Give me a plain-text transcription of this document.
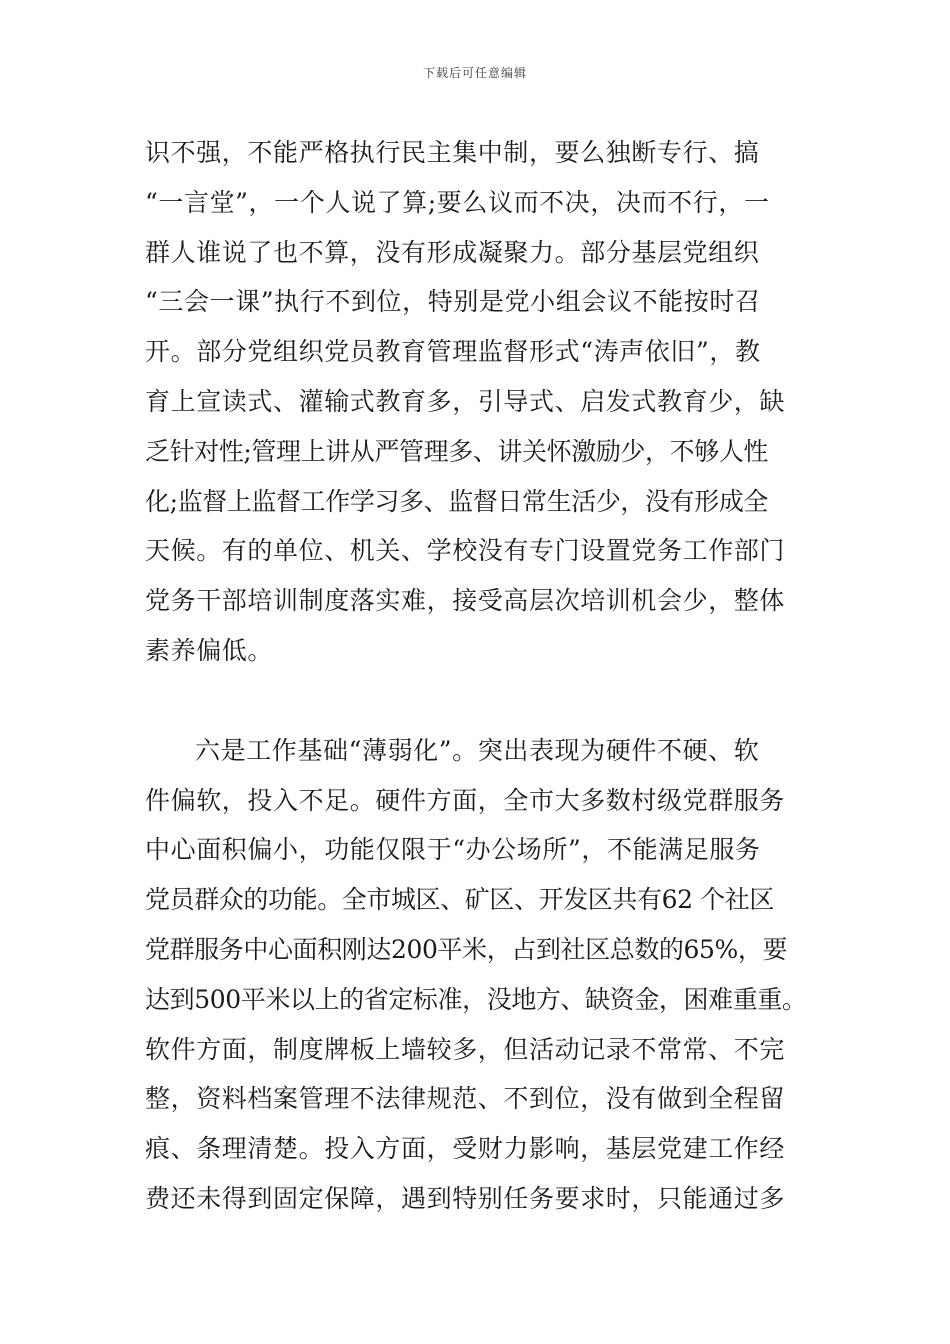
下载后可任意编辑
识不强，不能严格执行民主集中制，要么独断专行、搞
“一言堂”，一个人说了算;要么议而不决，决而不行，一
群人谁说了也不算，没有形成凝聚力。部分基层党组织
“三会一课”执行不到位，特别是党小组会议不能按时召
开。部分党组织党员教育管理监督形式“涛声依旧”，教
育上宣读式、灌输式教育多，引导式、启发式教育少，缺
乏针对性;管理上讲从严管理多、讲关怀激励少，不够人性
化;监督上监督工作学习多、监督日常生活少，没有形成全
天候。有的单位、机关、学校没有专门设置党务工作部门
党务干部培训制度落实难，接受高层次培训机会少，整体
素养偏低。
六是工作基础“薄弱化”。突出表现为硬件不硬、软
件偏软，投入不足。硬件方面，全市大多数村级党群服务
中心面积偏小，功能仅限于“办公场所”，不能满足服务
党员群众的功能。全市城区、矿区、开发区共有62 个社区
党群服务中心面积刚达200平米，占到社区总数的65%，要
达到500平米以上的省定标准，没地方、缺资金，困难重重。
软件方面，制度牌板上墙较多，但活动记录不常常、不完
整，资料档案管理不法律规范、不到位，没有做到全程留
痕、条理清楚。投入方面，受财力影响，基层党建工作经
费还未得到固定保障，遇到特别任务要求时，只能通过多
